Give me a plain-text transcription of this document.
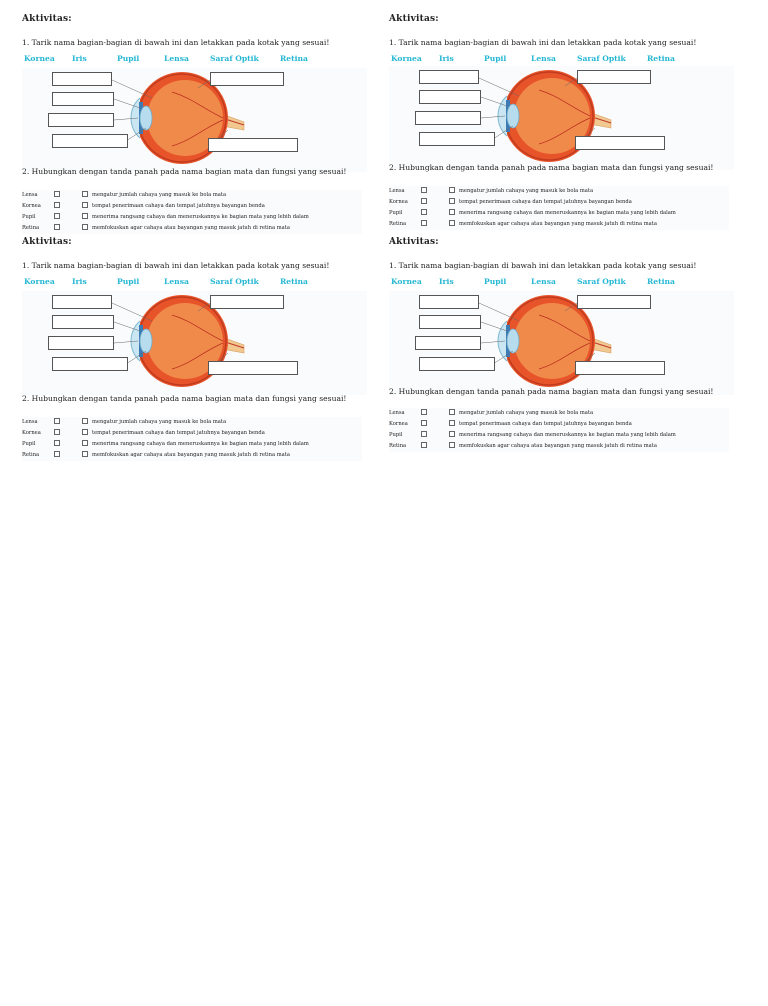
Aktivitas:
1. Tarik nama bagian-bagian di bawah ini dan letakkan pada kotak yang sesuai!
Kornea Iris	Pupil	Lensa	Saraf Optik	Retina
2. Hubungkan dengan tanda panah pada nama bagian mata dan fungsi yang sesuai!
Lensa	mengatur jumlah cahaya yang masuk ke bola mata
Kornea	tempat penerimaan cahaya dan tempat jatuhnya bayangan benda
Pupil	menerima rangsang cahaya dan meneruskannya ke bagian mata yang lebih dalam
Retina	memfokuskan agar cahaya atau bayangan yang masuk jatuh di retina mata
Aktivitas:
1. Tarik nama bagian-bagian di bawah ini dan letakkan pada kotak yang sesuai!
Kornea Iris	Pupil	Lensa	Saraf Optik	Retina
2. Hubungkan dengan tanda panah pada nama bagian mata dan fungsi yang sesuai!
Lensa	mengatur jumlah cahaya yang masuk ke bola mata
Kornea	tempat penerimaan cahaya dan tempat jatuhnya bayangan benda
Pupil	menerima rangsang cahaya dan meneruskannya ke bagian mata yang lebih dalam
Retina	memfokuskan agar cahaya atau bayangan yang masuk jatuh di retina mata
Aktivitas:
1. Tarik nama bagian-bagian di bawah ini dan letakkan pada kotak yang sesuai!
Kornea Iris	Pupil	Lensa	Saraf Optik	Retina
2. Hubungkan dengan tanda panah pada nama bagian mata dan fungsi yang sesuai!
Lensa	mengatur jumlah cahaya yang masuk ke bola mata
Kornea	tempat penerimaan cahaya dan tempat jatuhnya bayangan benda
Pupil	menerima rangsang cahaya dan meneruskannya ke bagian mata yang lebih dalam
Retina	memfokuskan agar cahaya atau bayangan yang masuk jatuh di retina mata
Aktivitas:
1. Tarik nama bagian-bagian di bawah ini dan letakkan pada kotak yang sesuai!
Kornea Iris	Pupil	Lensa	Saraf Optik	Retina
2. Hubungkan dengan tanda panah pada nama bagian mata dan fungsi yang sesuai!
Lensa	mengatur jumlah cahaya yang masuk ke bola mata
Kornea	tempat penerimaan cahaya dan tempat jatuhnya bayangan benda
Pupil	menerima rangsang cahaya dan meneruskannya ke bagian mata yang lebih dalam
Retina	memfokuskan agar cahaya atau bayangan yang masuk jatuh di retina mata
